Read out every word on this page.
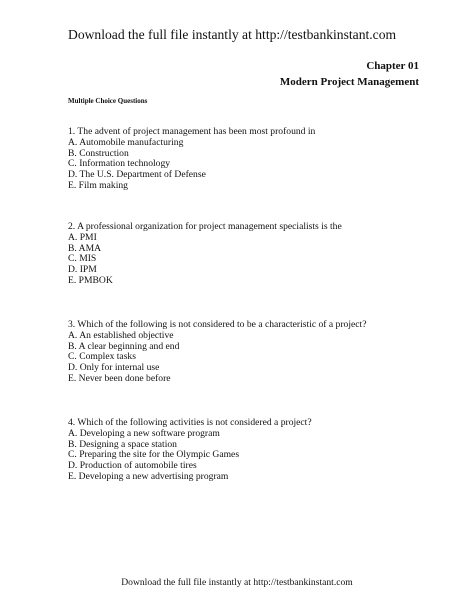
Download the full file instantly at http://testbankinstant.com
Chapter 01
Modern Project Management
Multiple Choice Questions
1. The advent of project management has been most profound in
A. Automobile manufacturing
B. Construction
C. Information technology
D. The U.S. Department of Defense
E. Film making
2. A professional organization for project management specialists is the
A. PMI
B. AMA
C. MIS
D. IPM
E. PMBOK
3. Which of the following is not considered to be a characteristic of a project?
A. An established objective
B. A clear beginning and end
C. Complex tasks
D. Only for internal use
E. Never been done before
4. Which of the following activities is not considered a project?
A. Developing a new software program
B. Designing a space station
C. Preparing the site for the Olympic Games
D. Production of automobile tires
E. Developing a new advertising program
Download the full file instantly at http://testbankinstant.com
